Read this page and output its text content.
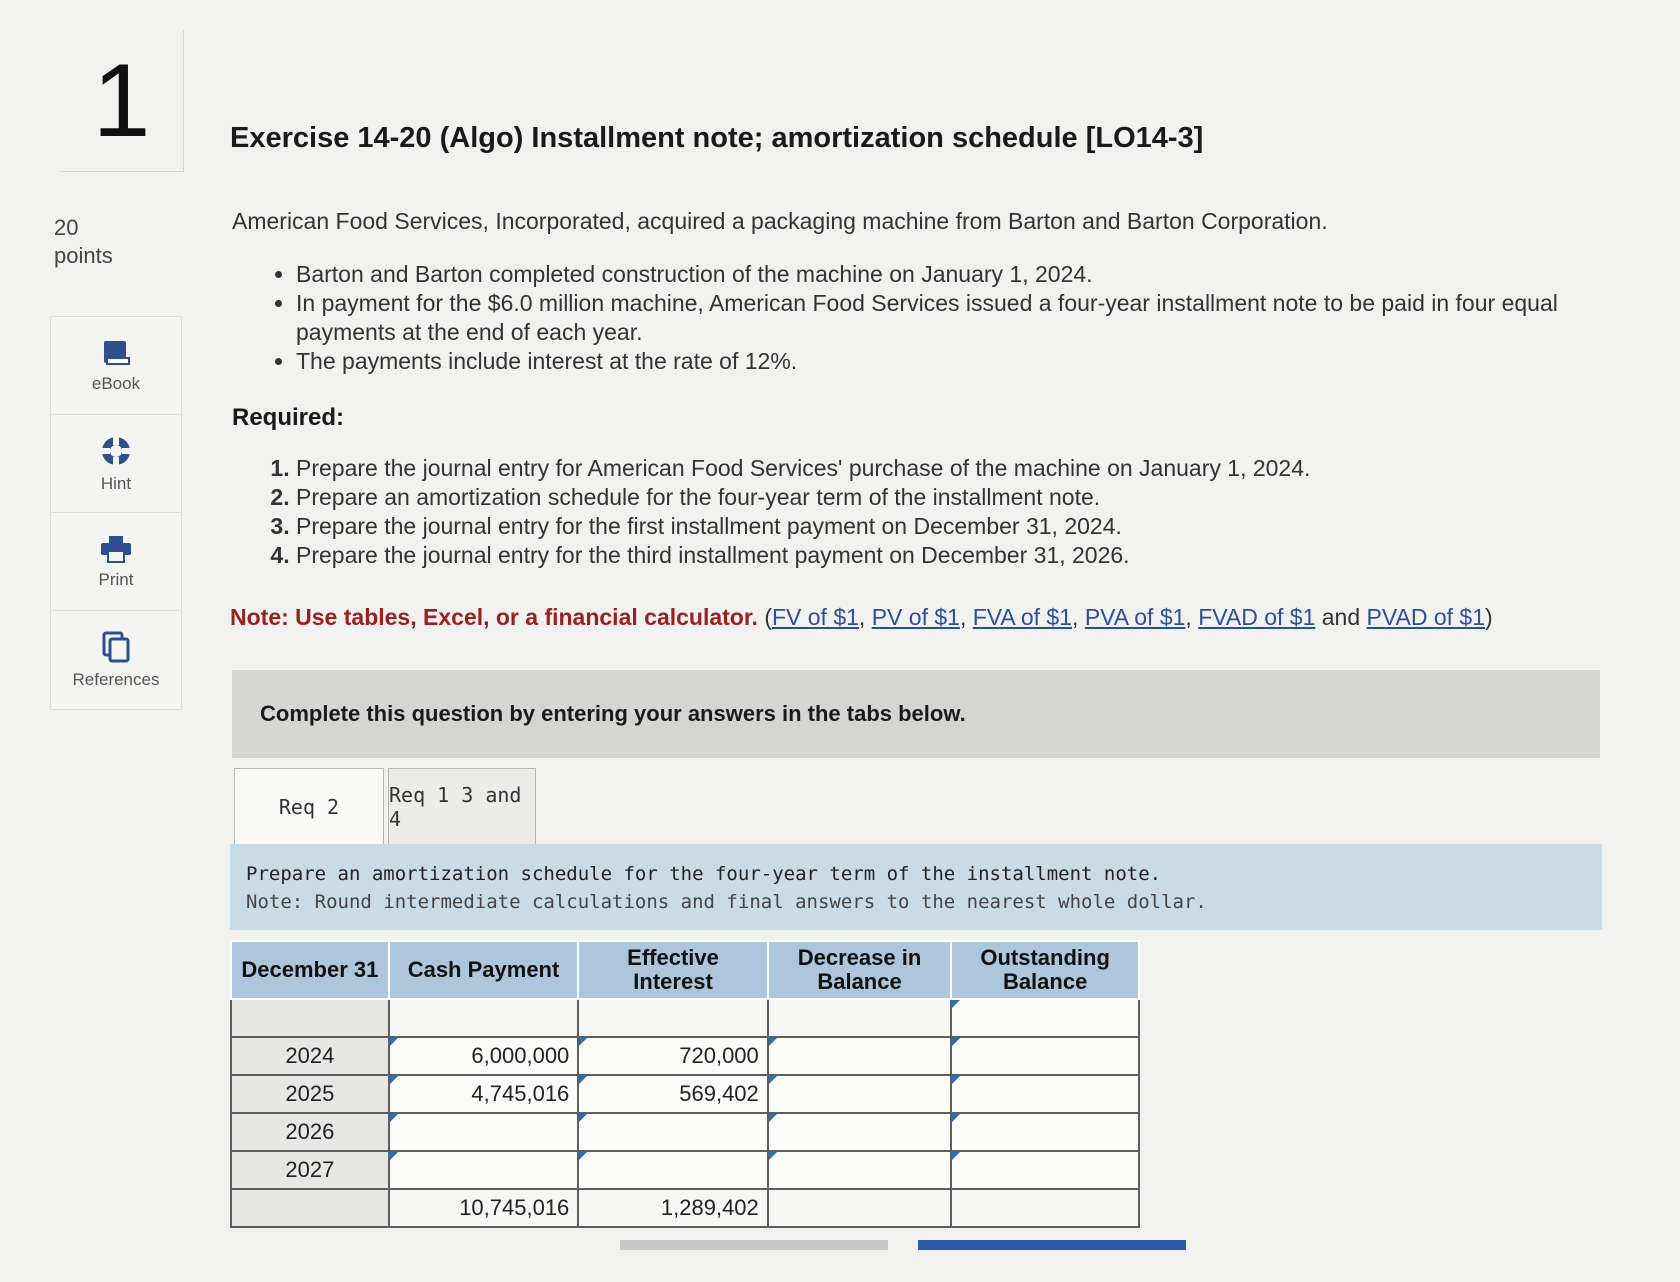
1
20
points
eBook
Hint
Print
References
Exercise 14-20 (Algo) Installment note; amortization schedule [LO14-3]
American Food Services, Incorporated, acquired a packaging machine from Barton and Barton Corporation.
• Barton and Barton completed construction of the machine on January 1, 2024.
• In payment for the $6.0 million machine, American Food Services issued a four-year installment note to be paid in four equal payments at the end of each year.
• The payments include interest at the rate of 12%.
Required:
1. Prepare the journal entry for American Food Services' purchase of the machine on January 1, 2024.
2. Prepare an amortization schedule for the four-year term of the installment note.
3. Prepare the journal entry for the first installment payment on December 31, 2024.
4. Prepare the journal entry for the third installment payment on December 31, 2026.
Note: Use tables, Excel, or a financial calculator. (FV of $1, PV of $1, FVA of $1, PVA of $1, FVAD of $1 and PVAD of $1)
Complete this question by entering your answers in the tabs below.
Req 2	Req 1 3 and 4
Prepare an amortization schedule for the four-year term of the installment note.
Note: Round intermediate calculations and final answers to the nearest whole dollar.
December 31	Cash Payment	Effective Interest	Decrease in Balance	Outstanding Balance

2024	6,000,000	720,000		
2025	4,745,016	569,402		
2026				
2027				
	10,745,016	1,289,402		
